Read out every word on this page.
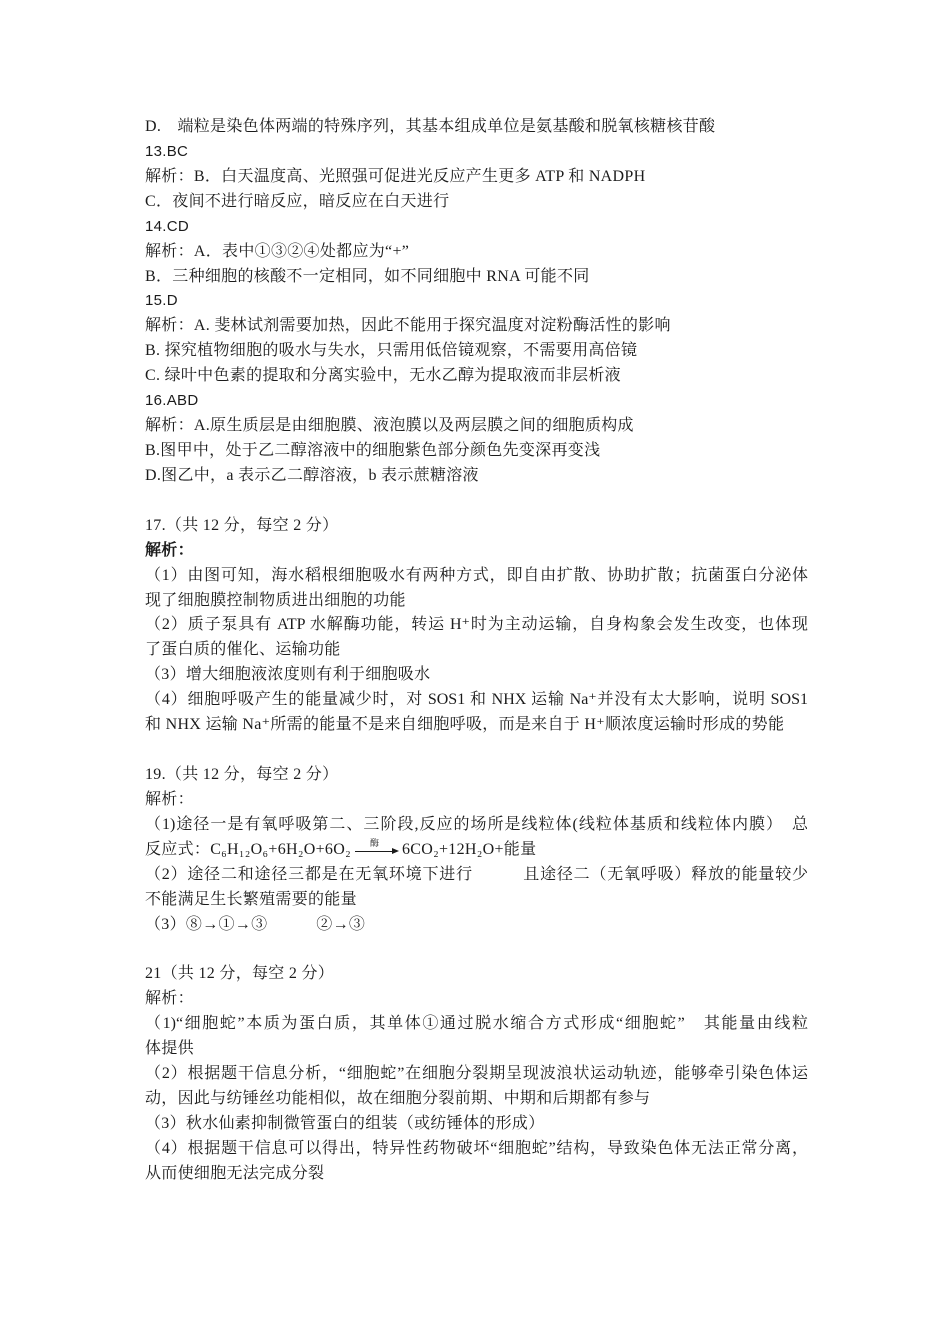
D.　端粒是染色体两端的特殊序列，其基本组成单位是氨基酸和脱氧核糖核苷酸
13.BC
解析：B．白天温度高、光照强可促进光反应产生更多 ATP 和 NADPH
C．夜间不进行暗反应，暗反应在白天进行
14.CD
解析：A．表中①③②④处都应为“+”
B．三种细胞的核酸不一定相同，如不同细胞中 RNA 可能不同
15.D
解析：A. 斐林试剂需要加热，因此不能用于探究温度对淀粉酶活性的影响
B. 探究植物细胞的吸水与失水，只需用低倍镜观察，不需要用高倍镜
C. 绿叶中色素的提取和分离实验中，无水乙醇为提取液而非层析液
16.ABD
解析：A.原生质层是由细胞膜、液泡膜以及两层膜之间的细胞质构成
B.图甲中，处于乙二醇溶液中的细胞紫色部分颜色先变深再变浅
D.图乙中，a 表示乙二醇溶液，b 表示蔗糖溶液
17.（共 12 分，每空 2 分）
解析：
（1）由图可知，海水稻根细胞吸水有两种方式，即自由扩散、协助扩散；抗菌蛋白分泌体
现了细胞膜控制物质进出细胞的功能
（2）质子泵具有 ATP 水解酶功能，转运 H⁺时为主动运输，自身构象会发生改变，也体现
了蛋白质的催化、运输功能
（3）增大细胞液浓度则有利于细胞吸水
（4）细胞呼吸产生的能量减少时，对 SOS1 和 NHX 运输 Na⁺并没有太大影响，说明 SOS1
和 NHX 运输 Na⁺所需的能量不是来自细胞呼吸，而是来自于 H⁺顺浓度运输时形成的势能
19.（共 12 分，每空 2 分）
解析：
（1)途径一是有氧呼吸第二、三阶段,反应的场所是线粒体(线粒体基质和线粒体内膜）　总
反应式：C₆H₁₂O₆+6H₂O+6O₂ 酶 6CO₂+12H₂O+能量
（2）途径二和途径三都是在无氧环境下进行　　　且途径二（无氧呼吸）释放的能量较少
不能满足生长繁殖需要的能量
（3）⑧→①→③　　　②→③
21（共 12 分，每空 2 分）
解析：
（1)“细胞蛇”本质为蛋白质，其单体①通过脱水缩合方式形成“细胞蛇”　其能量由线粒
体提供
（2）根据题干信息分析，“细胞蛇”在细胞分裂期呈现波浪状运动轨迹，能够牵引染色体运
动，因此与纺锤丝功能相似，故在细胞分裂前期、中期和后期都有参与
（3）秋水仙素抑制微管蛋白的组装（或纺锤体的形成）
（4）根据题干信息可以得出，特异性药物破坏“细胞蛇”结构，导致染色体无法正常分离，
从而使细胞无法完成分裂
